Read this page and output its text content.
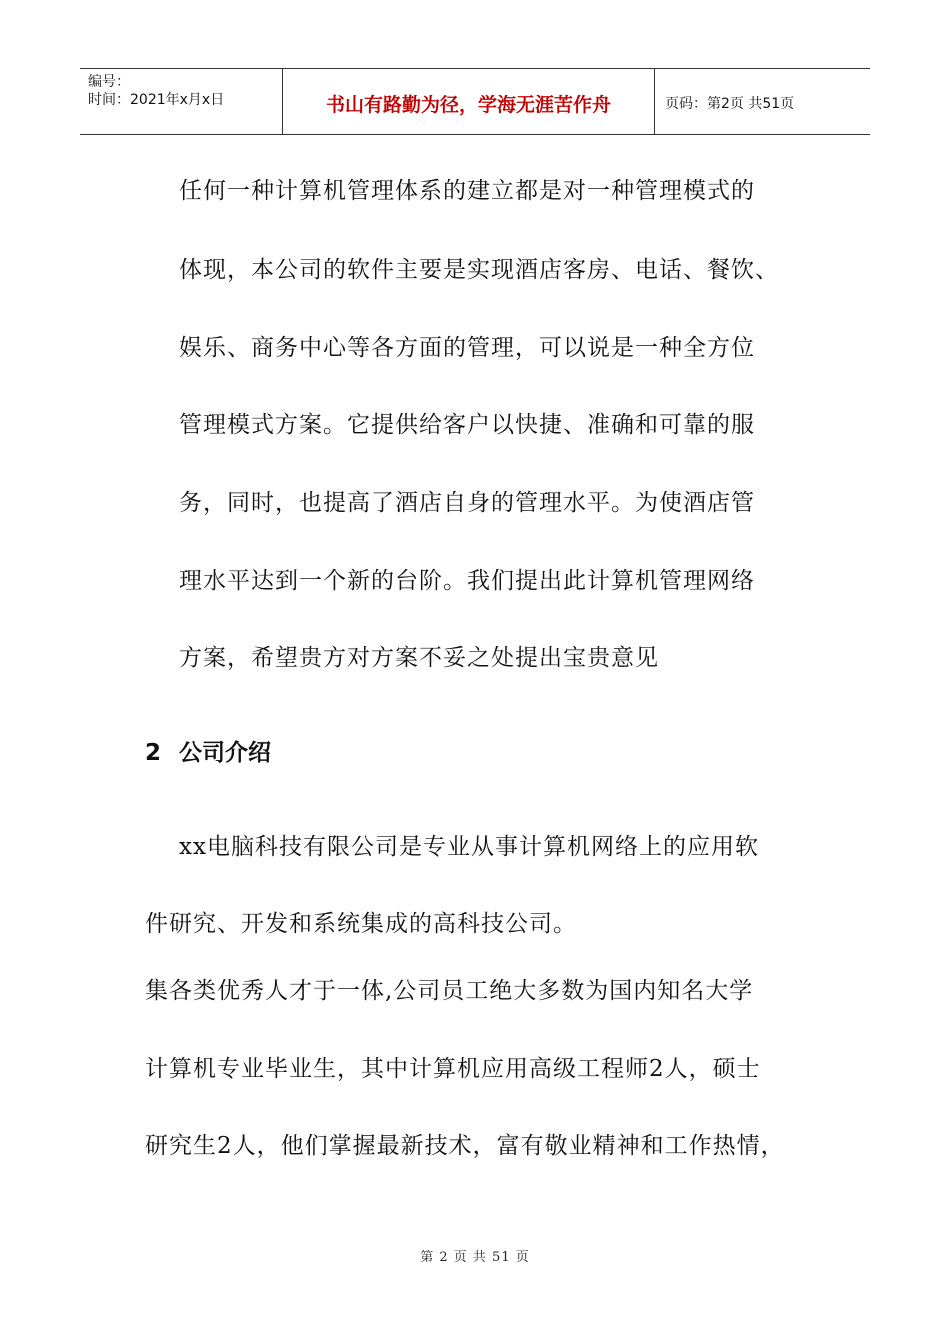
编号：
时间：2021年x月x日	书山有路勤为径，学海无涯苦作舟	页码：第2页 共51页

任何一种计算机管理体系的建立都是对一种管理模式的

体现，本公司的软件主要是实现酒店客房、电话、餐饮、

娱乐、商务中心等各方面的管理，可以说是一种全方位

管理模式方案。它提供给客户以快捷、准确和可靠的服

务，同时，也提高了酒店自身的管理水平。为使酒店管

理水平达到一个新的台阶。我们提出此计算机管理网络

方案，希望贵方对方案不妥之处提出宝贵意见

2 公司介绍

xx电脑科技有限公司是专业从事计算机网络上的应用软

件研究、开发和系统集成的高科技公司。

集各类优秀人才于一体,公司员工绝大多数为国内知名大学

计算机专业毕业生，其中计算机应用高级工程师2人，硕士

研究生2人，他们掌握最新技术，富有敬业精神和工作热情，

第 2 页 共 51 页
